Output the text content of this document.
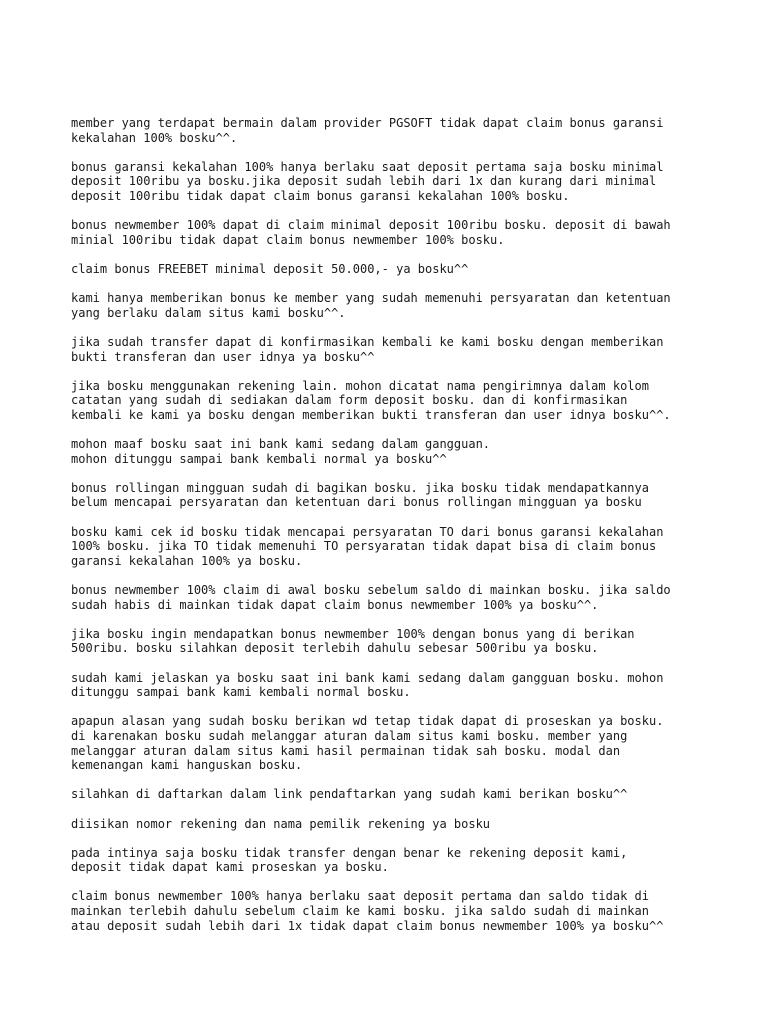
member yang terdapat bermain dalam provider PGSOFT tidak dapat claim bonus garansi
kekalahan 100% bosku^^.
bonus garansi kekalahan 100% hanya berlaku saat deposit pertama saja bosku minimal
deposit 100ribu ya bosku.jika deposit sudah lebih dari 1x dan kurang dari minimal
deposit 100ribu tidak dapat claim bonus garansi kekalahan 100% bosku.
bonus newmember 100% dapat di claim minimal deposit 100ribu bosku. deposit di bawah
minial 100ribu tidak dapat claim bonus newmember 100% bosku.
claim bonus FREEBET minimal deposit 50.000,- ya bosku^^
kami hanya memberikan bonus ke member yang sudah memenuhi persyaratan dan ketentuan
yang berlaku dalam situs kami bosku^^.
jika sudah transfer dapat di konfirmasikan kembali ke kami bosku dengan memberikan
bukti transferan dan user idnya ya bosku^^
jika bosku menggunakan rekening lain. mohon dicatat nama pengirimnya dalam kolom
catatan yang sudah di sediakan dalam form deposit bosku. dan di konfirmasikan
kembali ke kami ya bosku dengan memberikan bukti transferan dan user idnya bosku^^.
mohon maaf bosku saat ini bank kami sedang dalam gangguan.
mohon ditunggu sampai bank kembali normal ya bosku^^
bonus rollingan mingguan sudah di bagikan bosku. jika bosku tidak mendapatkannya
belum mencapai persyaratan dan ketentuan dari bonus rollingan mingguan ya bosku
bosku kami cek id bosku tidak mencapai persyaratan TO dari bonus garansi kekalahan
100% bosku. jika TO tidak memenuhi TO persyaratan tidak dapat bisa di claim bonus
garansi kekalahan 100% ya bosku.
bonus newmember 100% claim di awal bosku sebelum saldo di mainkan bosku. jika saldo
sudah habis di mainkan tidak dapat claim bonus newmember 100% ya bosku^^.
jika bosku ingin mendapatkan bonus newmember 100% dengan bonus yang di berikan
500ribu. bosku silahkan deposit terlebih dahulu sebesar 500ribu ya bosku.
sudah kami jelaskan ya bosku saat ini bank kami sedang dalam gangguan bosku. mohon
ditunggu sampai bank kami kembali normal bosku.
apapun alasan yang sudah bosku berikan wd tetap tidak dapat di proseskan ya bosku.
di karenakan bosku sudah melanggar aturan dalam situs kami bosku. member yang
melanggar aturan dalam situs kami hasil permainan tidak sah bosku. modal dan
kemenangan kami hanguskan bosku.
silahkan di daftarkan dalam link pendaftarkan yang sudah kami berikan bosku^^
diisikan nomor rekening dan nama pemilik rekening ya bosku
pada intinya saja bosku tidak transfer dengan benar ke rekening deposit kami,
deposit tidak dapat kami proseskan ya bosku.
claim bonus newmember 100% hanya berlaku saat deposit pertama dan saldo tidak di
mainkan terlebih dahulu sebelum claim ke kami bosku. jika saldo sudah di mainkan
atau deposit sudah lebih dari 1x tidak dapat claim bonus newmember 100% ya bosku^^
